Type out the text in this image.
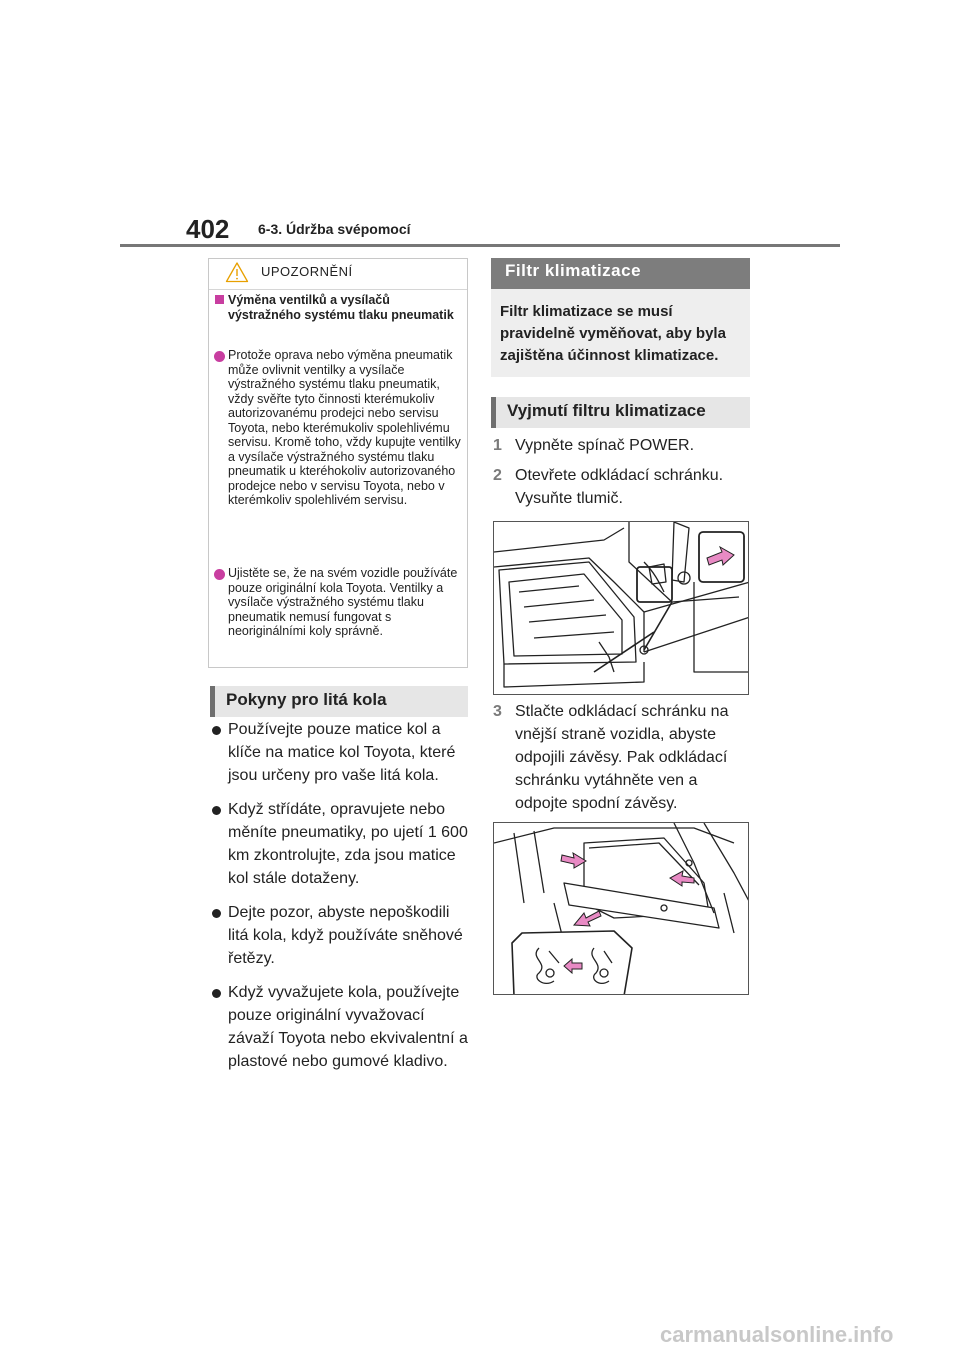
402 6-3. Údržba svépomocí
UPOZORNĚNÍ
Výměna ventilků a vysílačů výstražného systému tlaku pneumatik
Protože oprava nebo výměna pneumatik může ovlivnit ventilky a vysílače výstražného systému tlaku pneumatik, vždy svěřte tyto činnosti kterémukoliv autorizovanému prodejci nebo servisu Toyota, nebo kterémukoliv spolehlivému servisu. Kromě toho, vždy kupujte ventilky a vysílače výstražného systému tlaku pneumatik u kteréhokoliv autorizovaného prodejce nebo v servisu Toyota, nebo v kterémkoliv spolehlivém servisu.
Ujistěte se, že na svém vozidle používáte pouze originální kola Toyota. Ventilky a vysílače výstražného systému tlaku pneumatik nemusí fungovat s neoriginálními koly správně.
Pokyny pro litá kola
Používejte pouze matice kol a klíče na matice kol Toyota, které jsou určeny pro vaše litá kola.
Když střídáte, opravujete nebo měníte pneumatiky, po ujetí 1 600 km zkontrolujte, zda jsou matice kol stále dotaženy.
Dejte pozor, abyste nepoškodili litá kola, když používáte sněhové řetězy.
Když vyvažujete kola, používejte pouze originální vyvažovací závaží Toyota nebo ekvivalentní a plastové nebo gumové kladivo.
Filtr klimatizace
Filtr klimatizace se musí pravidelně vyměňovat, aby byla zajištěna účinnost klimatizace.
Vyjmutí filtru klimatizace
1 Vypněte spínač POWER.
2 Otevřete odkládací schránku. Vysuňte tlumič.
3 Stlačte odkládací schránku na vnější straně vozidla, abyste odpojili závěsy. Pak odkládací schránku vytáhněte ven a odpojte spodní závěsy.
carmanualsonline.info
